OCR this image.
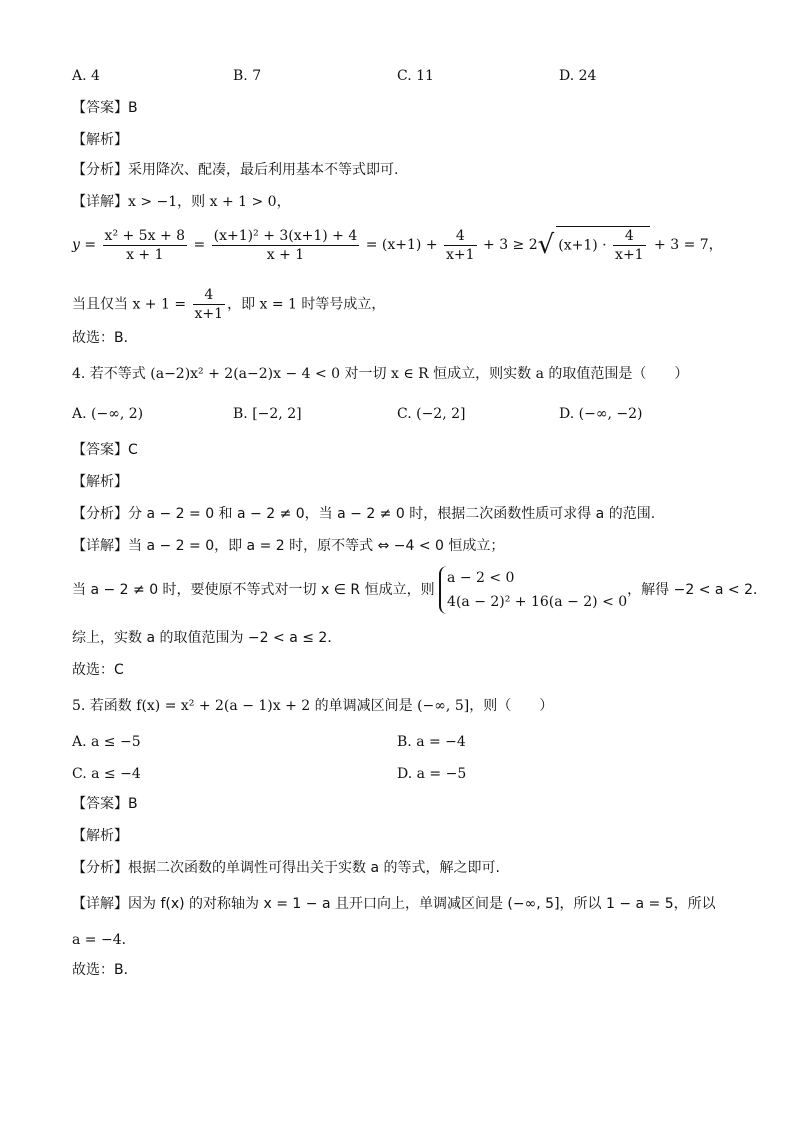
A. 4	B. 7	C. 11	D. 24
【答案】B
【解析】
【分析】采用降次、配凑，最后利用基本不等式即可.
【详解】x > −1，则 x + 1 > 0，
$y = \frac{\text{x² + 5x + 8}}{x + 1} = \frac{\text{(x+1)² + 3(x+1) + 4}}{x + 1} = (x+1) + \frac{4}{x+1} + 3 \ge 2√$ $(x+1) \cdot \frac{4}{x+1} + 3 = 7$，
当且仅当 $x + 1 = \frac{4}{x+1}$ ，即 x = 1 时等号成立，
故选：B．
4. 若不等式 (a−2)x² + 2(a−2)x − 4 < 0 对一切 x ∈ R 恒成立，则实数 a 的取值范围是（　　）
A. (−∞, 2)	B. [−2, 2]	C. (−2, 2]	D. (−∞, −2)
【答案】C
【解析】
【分析】分 a − 2 = 0 和 a − 2 ≠ 0，当 a − 2 ≠ 0 时，根据二次函数性质可求得 a 的范围.
【详解】当 a − 2 = 0，即 a = 2 时，原不等式 ⇔ −4 < 0 恒成立；
当 a − 2 ≠ 0 时，要使原不等式对一切 x ∈ R 恒成立，则
a − 2 < 0
4(a − 2)² + 16(a − 2) < 0
，解得 −2 < a < 2．
综上，实数 a 的取值范围为 −2 < a ≤ 2．
故选：C
5. 若函数 f(x) = x² + 2(a − 1)x + 2 的单调减区间是 (−∞, 5]，则（　　）
A. a ≤ −5	B. a = −4
C. a ≤ −4	D. a = −5
【答案】B
【解析】
【分析】根据二次函数的单调性可得出关于实数 a 的等式，解之即可.
【详解】因为 f(x) 的对称轴为 x = 1 − a 且开口向上，单调减区间是 (−∞, 5]，所以 1 − a = 5，所以
a = −4．
故选：B．
